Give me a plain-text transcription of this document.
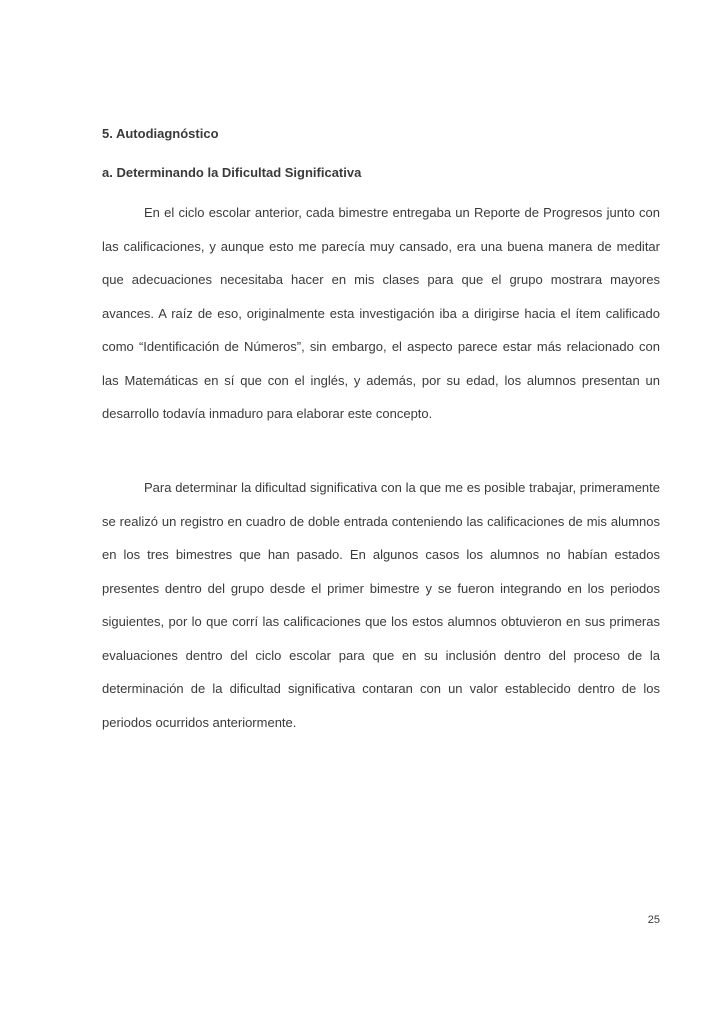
5. Autodiagnóstico
a. Determinando la Dificultad Significativa

En el ciclo escolar anterior, cada bimestre entregaba un Reporte de Progresos junto con las calificaciones, y aunque esto me parecía muy cansado, era una buena manera de meditar que adecuaciones necesitaba hacer en mis clases para que el grupo mostrara mayores avances. A raíz de eso, originalmente esta investigación iba a dirigirse hacia el ítem calificado como “Identificación de Números”, sin embargo, el aspecto parece estar más relacionado con las Matemáticas en sí que con el inglés, y además, por su edad, los alumnos presentan un desarrollo todavía inmaduro para elaborar este concepto.

Para determinar la dificultad significativa con la que me es posible trabajar, primeramente se realizó un registro en cuadro de doble entrada conteniendo las calificaciones de mis alumnos en los tres bimestres que han pasado. En algunos casos los alumnos no habían estados presentes dentro del grupo desde el primer bimestre y se fueron integrando en los periodos siguientes, por lo que corrí las calificaciones que los estos alumnos obtuvieron en sus primeras evaluaciones dentro del ciclo escolar para que en su inclusión dentro del proceso de la determinación de la dificultad significativa contaran con un valor establecido dentro de los periodos ocurridos anteriormente.

25
